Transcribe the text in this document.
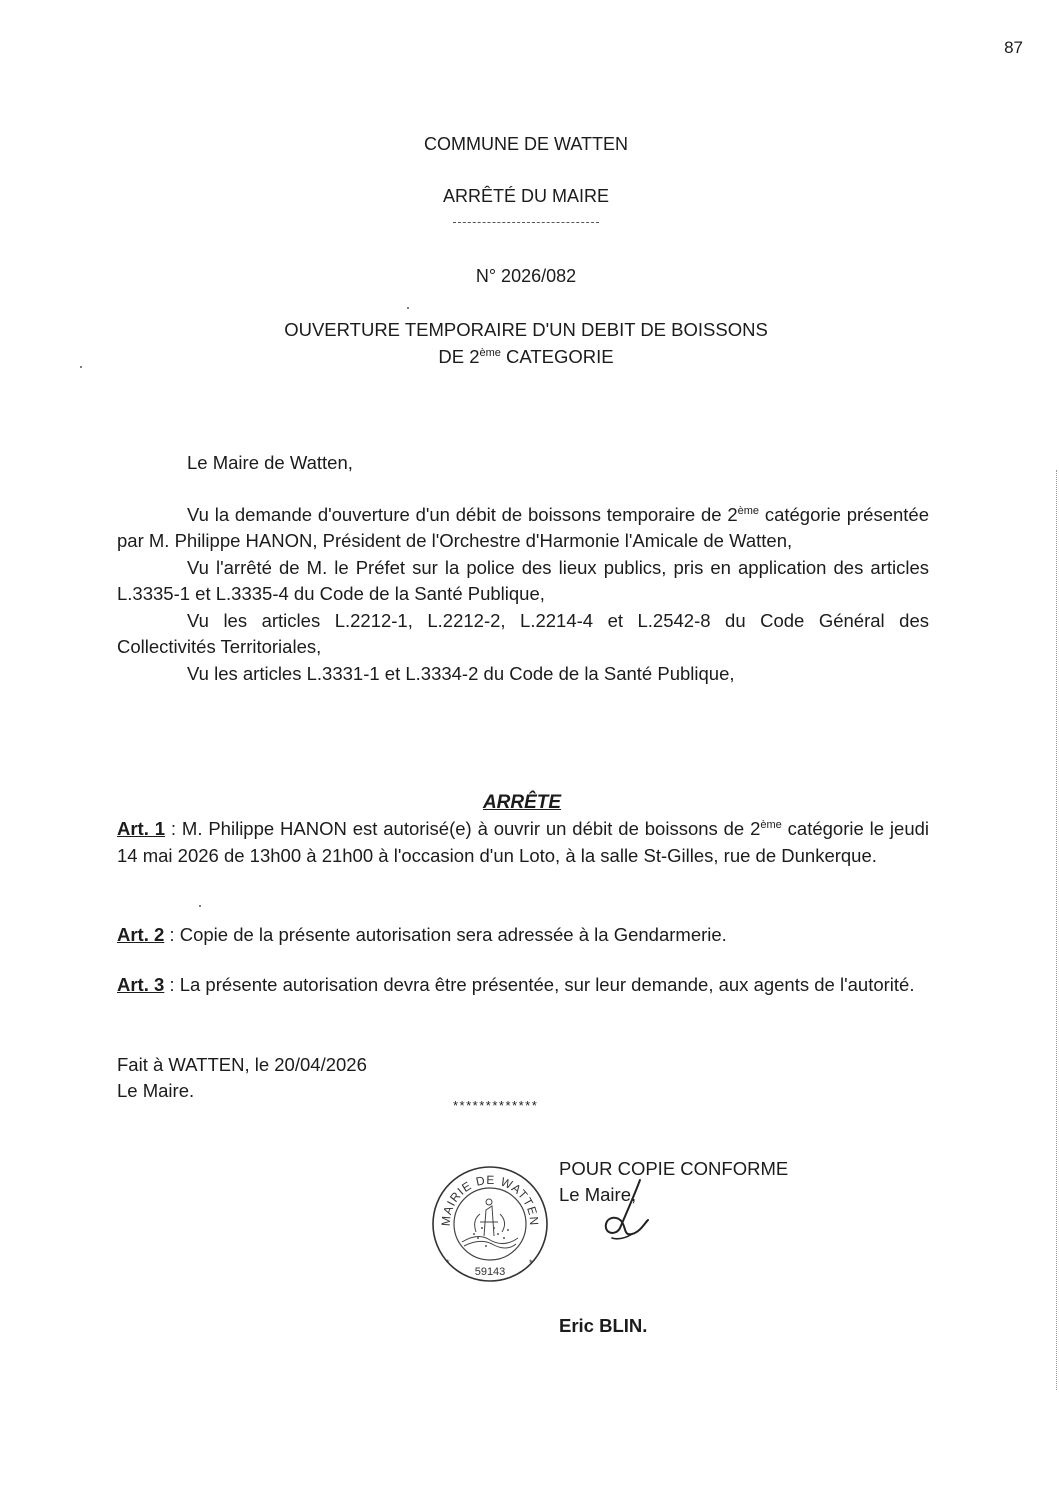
87
COMMUNE DE WATTEN
ARRÊTÉ DU MAIRE
N° 2026/082
OUVERTURE TEMPORAIRE D'UN DEBIT DE BOISSONS
DE 2ème CATEGORIE

Le Maire de Watten,

Vu la demande d'ouverture d'un débit de boissons temporaire de 2ème catégorie présentée par M. Philippe HANON, Président de l'Orchestre d'Harmonie l'Amicale de Watten,

Vu l'arrêté de M. le Préfet sur la police des lieux publics, pris en application des articles L.3335-1 et L.3335-4 du Code de la Santé Publique,

Vu les articles L.2212-1, L.2212-2, L.2214-4 et L.2542-8 du Code Général des Collectivités Territoriales,

Vu les articles L.3331-1 et L.3334-2 du Code de la Santé Publique,

ARRÊTE

Art. 1 : M. Philippe HANON est autorisé(e) à ouvrir un débit de boissons de 2ème catégorie le jeudi 14 mai 2026 de 13h00 à 21h00 à l'occasion d'un Loto, à la salle St-Gilles, rue de Dunkerque.

Art. 2 : Copie de la présente autorisation sera adressée à la Gendarmerie.

Art. 3 : La présente autorisation devra être présentée, sur leur demande, aux agents de l'autorité.

Fait à WATTEN, le 20/04/2026
Le Maire.
*************
POUR COPIE CONFORME
Le Maire,
MAIRIE DE WATTEN
59143
*	*
Eric BLIN.
